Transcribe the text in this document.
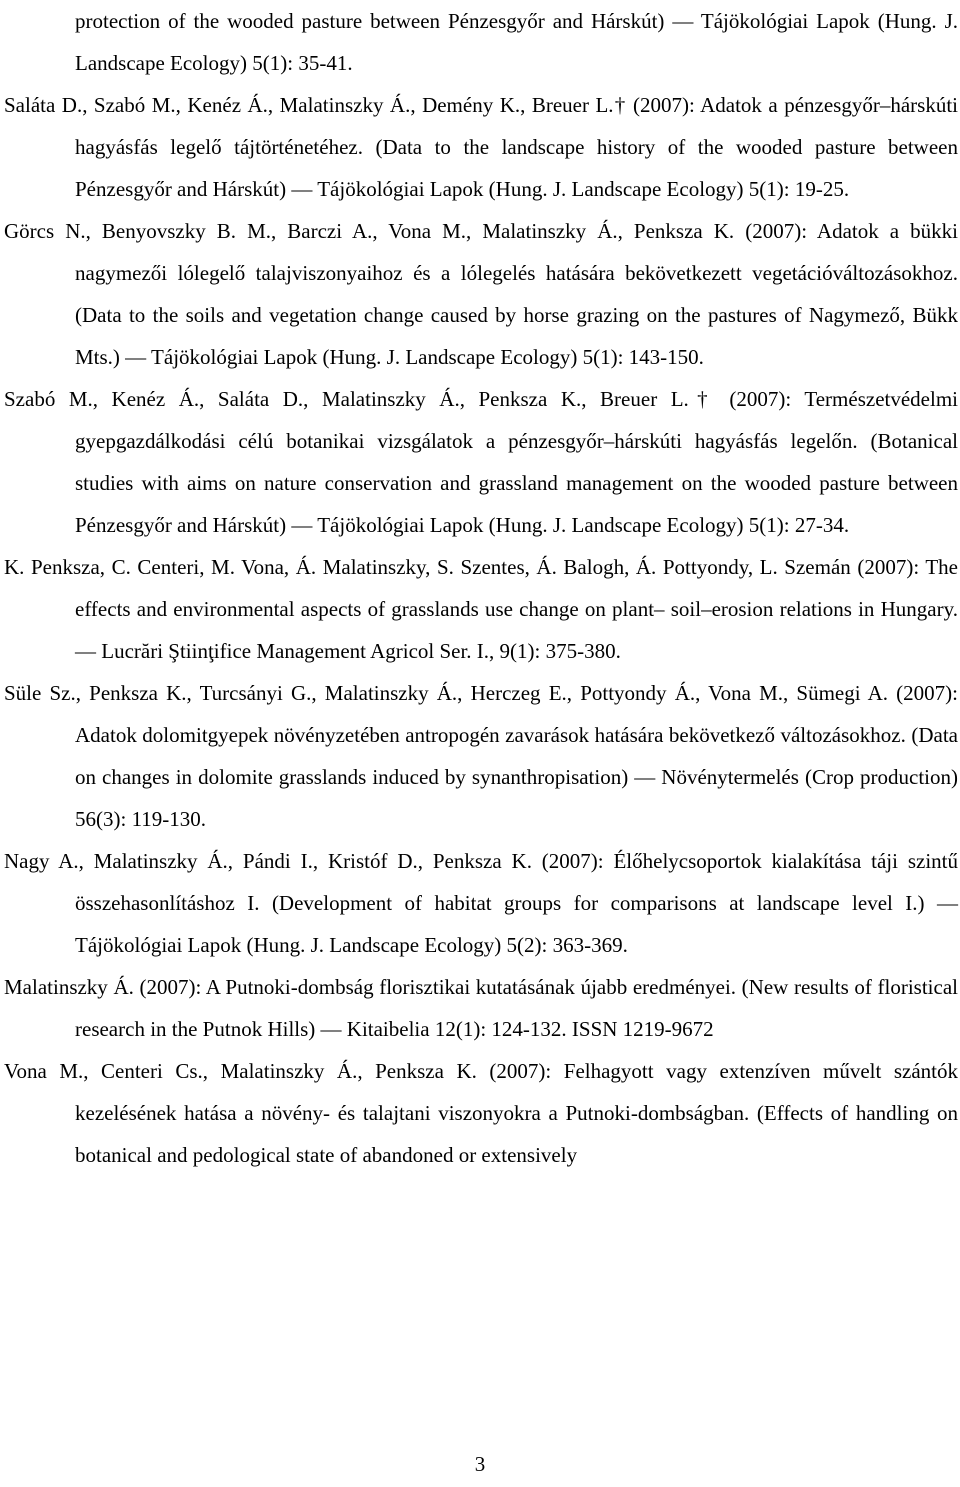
protection of the wooded pasture between Pénzesgyőr and Hárskút) — Tájökológiai Lapok (Hung. J. Landscape Ecology) 5(1): 35-41.
Saláta D., Szabó M., Kenéz Á., Malatinszky Á., Demény K., Breuer L.† (2007): Adatok a pénzesgyőr–hárskúti hagyásfás legelő tájtörténetéhez. (Data to the landscape history of the wooded pasture between Pénzesgyőr and Hárskút) — Tájökológiai Lapok (Hung. J. Landscape Ecology) 5(1): 19-25.
Görcs N., Benyovszky B. M., Barczi A., Vona M., Malatinszky Á., Penksza K. (2007): Adatok a bükki nagymezői lólegelő talajviszonyaihoz és a lólegelés hatására bekövetkezett vegetációváltozásokhoz. (Data to the soils and vegetation change caused by horse grazing on the pastures of Nagymező, Bükk Mts.) — Tájökológiai Lapok (Hung. J. Landscape Ecology) 5(1): 143-150.
Szabó M., Kenéz Á., Saláta D., Malatinszky Á., Penksza K., Breuer L.† (2007): Természetvédelmi gyepgazdálkodási célú botanikai vizsgálatok a pénzesgyőr–hárskúti hagyásfás legelőn. (Botanical studies with aims on nature conservation and grassland management on the wooded pasture between Pénzesgyőr and Hárskút) — Tájökológiai Lapok (Hung. J. Landscape Ecology) 5(1): 27-34.
K. Penksza, C. Centeri, M. Vona, Á. Malatinszky, S. Szentes, Á. Balogh, Á. Pottyondy, L. Szemán (2007): The effects and environmental aspects of grasslands use change on plant– soil–erosion relations in Hungary. — Lucrări Ştiinţifice Management Agricol Ser. I., 9(1): 375-380.
Süle Sz., Penksza K., Turcsányi G., Malatinszky Á., Herczeg E., Pottyondy Á., Vona M., Sümegi A. (2007): Adatok dolomitgyepek növényzetében antropogén zavarások hatására bekövetkező változásokhoz. (Data on changes in dolomite grasslands induced by synanthropisation) — Növénytermelés (Crop production) 56(3): 119-130.
Nagy A., Malatinszky Á., Pándi I., Kristóf D., Penksza K. (2007): Élőhelycsoportok kialakítása táji szintű összehasonlításhoz I. (Development of habitat groups for comparisons at landscape level I.) — Tájökológiai Lapok (Hung. J. Landscape Ecology) 5(2): 363-369.
Malatinszky Á. (2007): A Putnoki-dombság florisztikai kutatásának újabb eredményei. (New results of floristical research in the Putnok Hills) — Kitaibelia 12(1): 124-132. ISSN 1219-9672
Vona M., Centeri Cs., Malatinszky Á., Penksza K. (2007): Felhagyott vagy extenzíven művelt szántók kezelésének hatása a növény- és talajtani viszonyokra a Putnoki-dombságban. (Effects of handling on botanical and pedological state of abandoned or extensively
3
